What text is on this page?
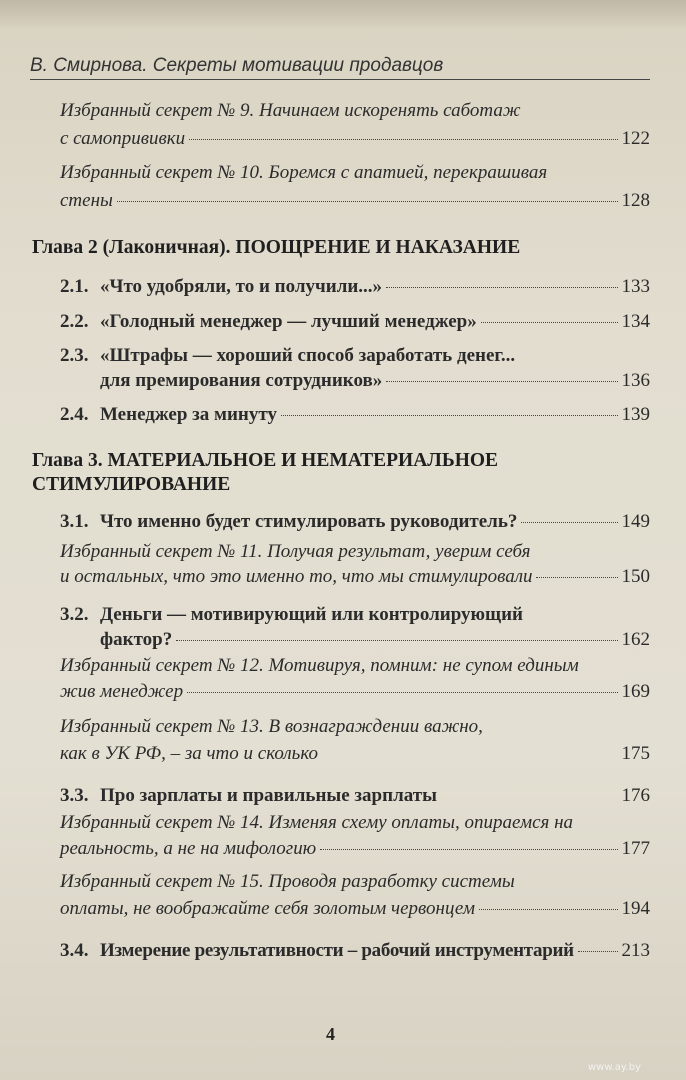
В. Смирнова. Секреты мотивации продавцов
Избранный секрет № 9. Начинаем искоренять саботаж
с самопрививки	122
Избранный секрет № 10. Боремся с апатией, перекрашивая
стены	128
Глава 2 (Лаконичная). ПООЩРЕНИЕ И НАКАЗАНИЕ
2.1. «Что удобряли, то и получили...»	133
2.2. «Голодный менеджер — лучший менеджер»	134
2.3. «Штрафы — хороший способ заработать денег...
для премирования сотрудников»	136
2.4. Менеджер за минуту	139
Глава 3. МАТЕРИАЛЬНОЕ И НЕМАТЕРИАЛЬНОЕ
СТИМУЛИРОВАНИЕ
3.1. Что именно будет стимулировать руководитель?	149
Избранный секрет № 11. Получая результат, уверим себя
и остальных, что это именно то, что мы стимулировали	150
3.2. Деньги — мотивирующий или контролирующий
фактор?	162
Избранный секрет № 12. Мотивируя, помним: не супом единым
жив менеджер	169
Избранный секрет № 13. В вознаграждении важно,
как в УК РФ, – за что и сколько	175
3.3. Про зарплаты и правильные зарплаты	176
Избранный секрет № 14. Изменяя схему оплаты, опираемся на
реальность, а не на мифологию	177
Избранный секрет № 15. Проводя разработку системы
оплаты, не воображайте себя золотым червонцем	194
3.4. Измерение результативности – рабочий инструментарий	213
4
www.ay.by
